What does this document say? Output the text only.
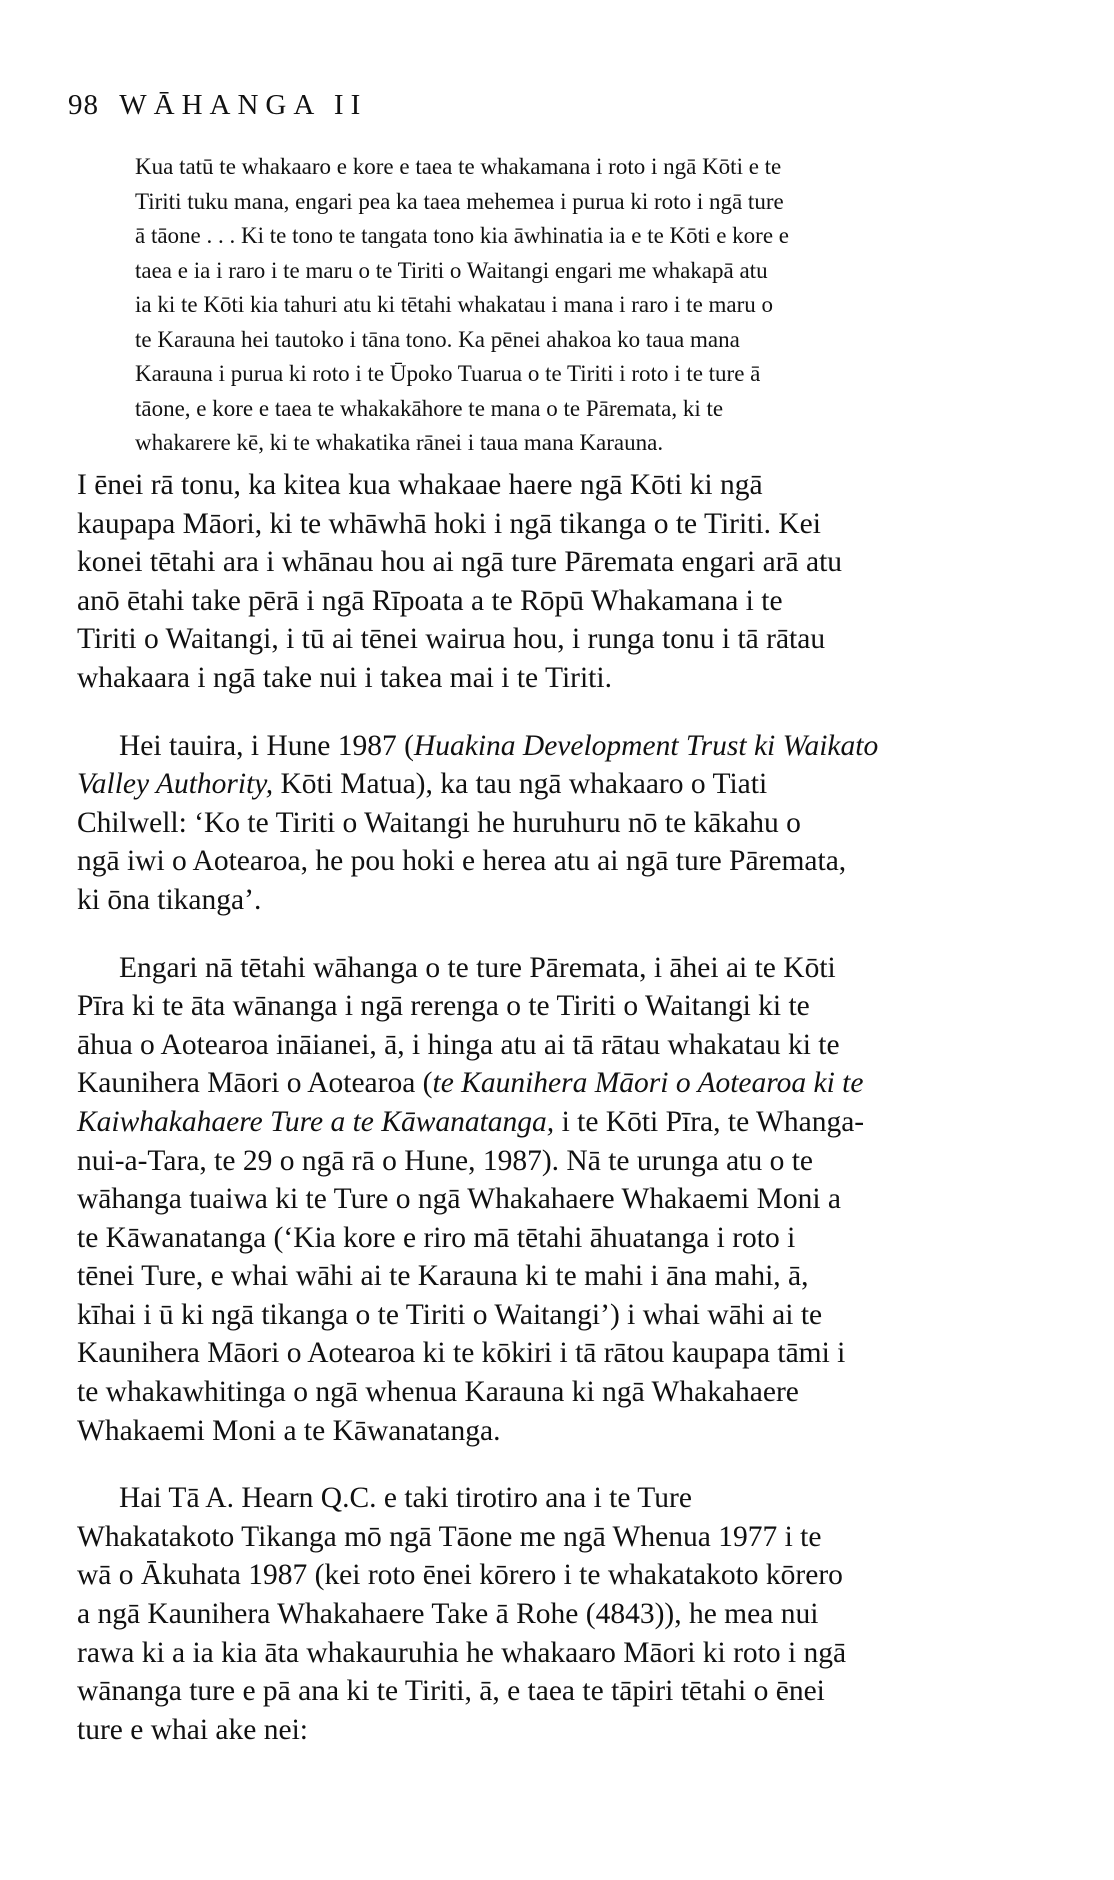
98 WĀHANGA II
Kua tatū te whakaaro e kore e taea te whakamana i roto i ngā Kōti e te
Tiriti tuku mana, engari pea ka taea mehemea i purua ki roto i ngā ture
ā tāone . . . Ki te tono te tangata tono kia āwhinatia ia e te Kōti e kore e
taea e ia i raro i te maru o te Tiriti o Waitangi engari me whakapā atu
ia ki te Kōti kia tahuri atu ki tētahi whakatau i mana i raro i te maru o
te Karauna hei tautoko i tāna tono. Ka pēnei ahakoa ko taua mana
Karauna i purua ki roto i te Ūpoko Tuarua o te Tiriti i roto i te ture ā
tāone, e kore e taea te whakakāhore te mana o te Pāremata, ki te
whakarere kē, ki te whakatika rānei i taua mana Karauna.
I ēnei rā tonu, ka kitea kua whakaae haere ngā Kōti ki ngā
kaupapa Māori, ki te whāwhā hoki i ngā tikanga o te Tiriti. Kei
konei tētahi ara i whānau hou ai ngā ture Pāremata engari arā atu
anō ētahi take pērā i ngā Rīpoata a te Rōpū Whakamana i te
Tiriti o Waitangi, i tū ai tēnei wairua hou, i runga tonu i tā rātau
whakaara i ngā take nui i takea mai i te Tiriti.
Hei tauira, i Hune 1987 (Huakina Development Trust ki Waikato
Valley Authority, Kōti Matua), ka tau ngā whakaaro o Tiati
Chilwell: ‘Ko te Tiriti o Waitangi he huruhuru nō te kākahu o
ngā iwi o Aotearoa, he pou hoki e herea atu ai ngā ture Pāremata,
ki ōna tikanga’.
Engari nā tētahi wāhanga o te ture Pāremata, i āhei ai te Kōti
Pīra ki te āta wānanga i ngā rerenga o te Tiriti o Waitangi ki te
āhua o Aotearoa ināianei, ā, i hinga atu ai tā rātau whakatau ki te
Kaunihera Māori o Aotearoa (te Kaunihera Māori o Aotearoa ki te
Kaiwhakahaere Ture a te Kāwanatanga, i te Kōti Pīra, te Whanga-
nui-a-Tara, te 29 o ngā rā o Hune, 1987). Nā te urunga atu o te
wāhanga tuaiwa ki te Ture o ngā Whakahaere Whakaemi Moni a
te Kāwanatanga (‘Kia kore e riro mā tētahi āhuatanga i roto i
tēnei Ture, e whai wāhi ai te Karauna ki te mahi i āna mahi, ā,
kīhai i ū ki ngā tikanga o te Tiriti o Waitangi’) i whai wāhi ai te
Kaunihera Māori o Aotearoa ki te kōkiri i tā rātou kaupapa tāmi i
te whakawhitinga o ngā whenua Karauna ki ngā Whakahaere
Whakaemi Moni a te Kāwanatanga.
Hai Tā A. Hearn Q.C. e taki tirotiro ana i te Ture
Whakatakoto Tikanga mō ngā Tāone me ngā Whenua 1977 i te
wā o Ākuhata 1987 (kei roto ēnei kōrero i te whakatakoto kōrero
a ngā Kaunihera Whakahaere Take ā Rohe (4843)), he mea nui
rawa ki a ia kia āta whakauruhia he whakaaro Māori ki roto i ngā
wānanga ture e pā ana ki te Tiriti, ā, e taea te tāpiri tētahi o ēnei
ture e whai ake nei:
